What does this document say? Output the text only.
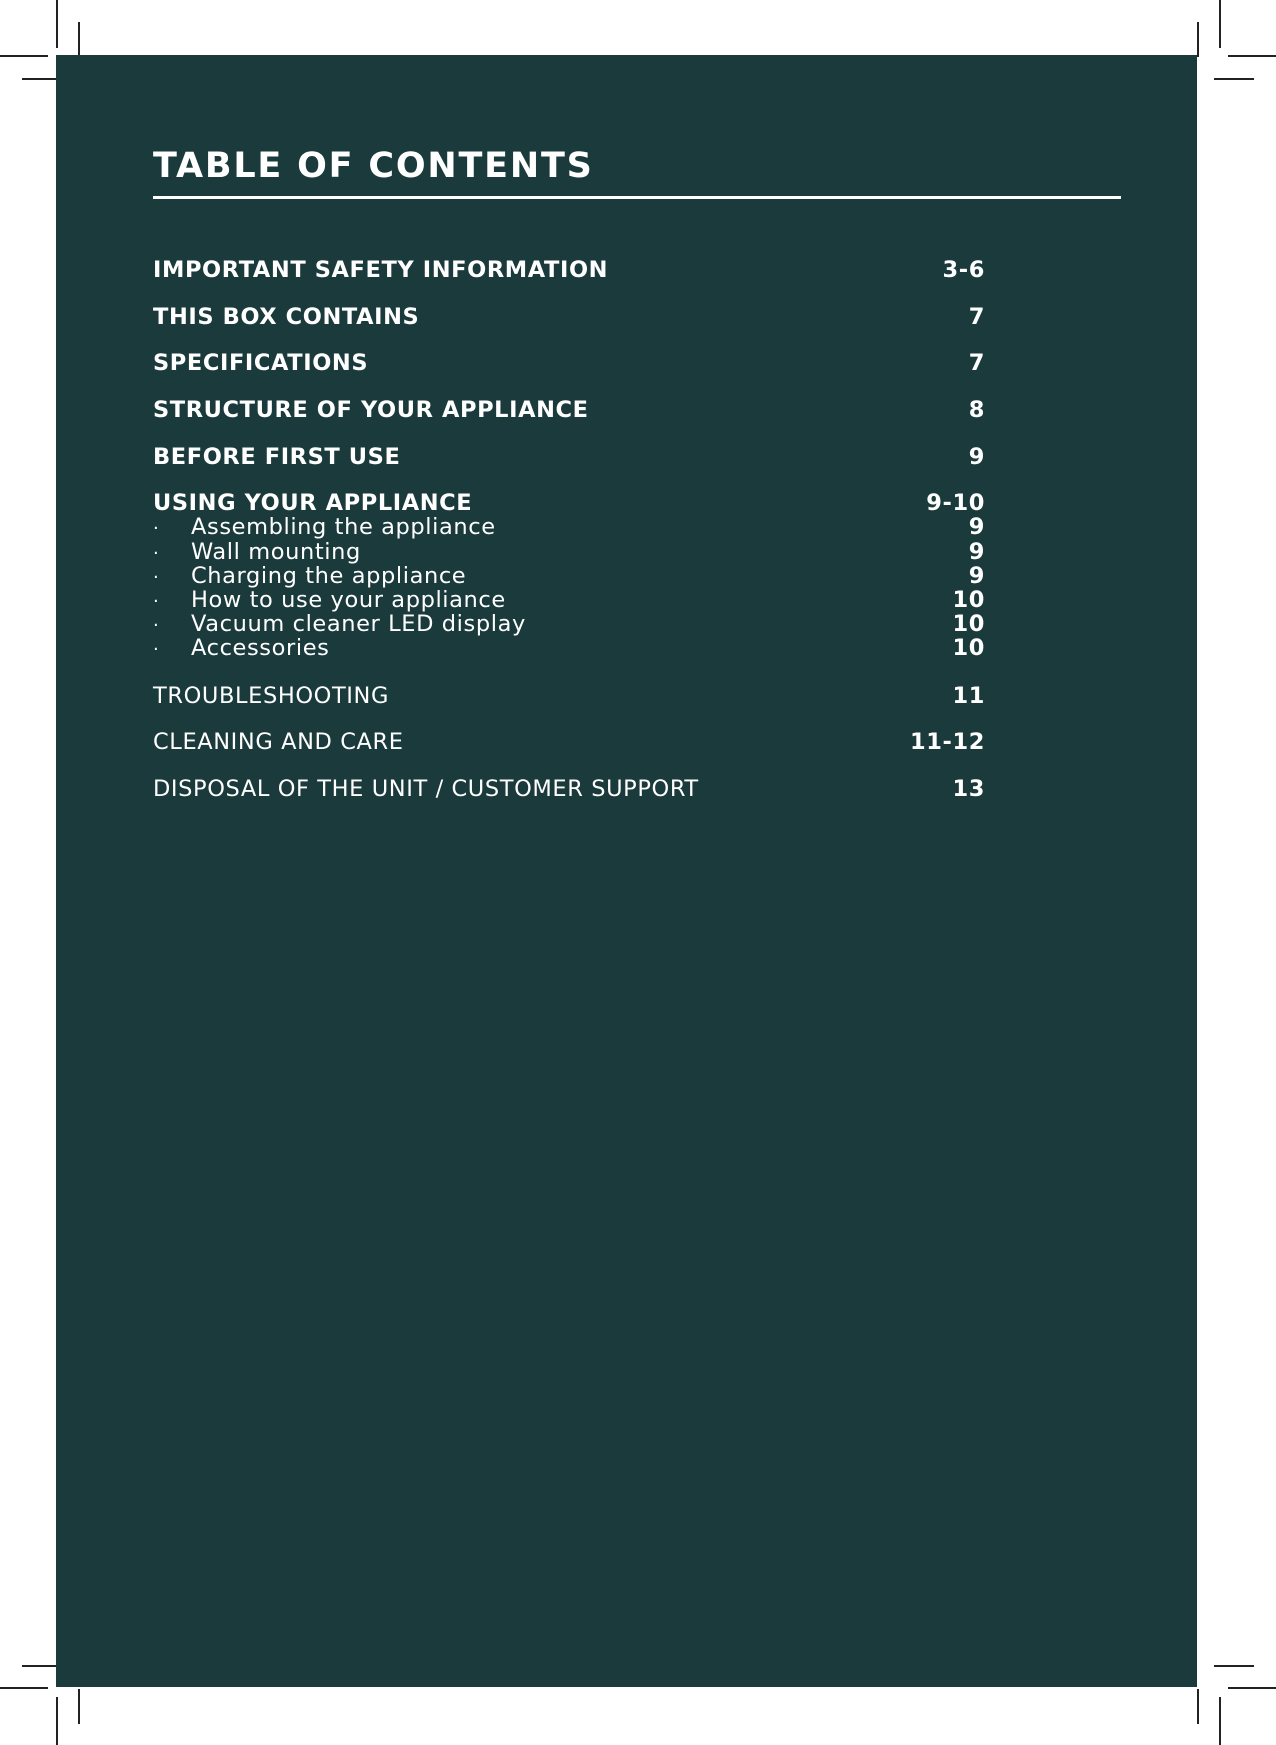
TABLE OF CONTENTS
IMPORTANT SAFETY INFORMATION	3-6
THIS BOX CONTAINS	7
SPECIFICATIONS	7
STRUCTURE OF YOUR APPLIANCE	8
BEFORE FIRST USE	9
USING YOUR APPLIANCE	9-10
· Assembling the appliance	9
· Wall mounting	9
· Charging the appliance	9
· How to use your appliance	10
· Vacuum cleaner LED display	10
· Accessories	10
TROUBLESHOOTING	11
CLEANING AND CARE	11-12
DISPOSAL OF THE UNIT / CUSTOMER SUPPORT	13
